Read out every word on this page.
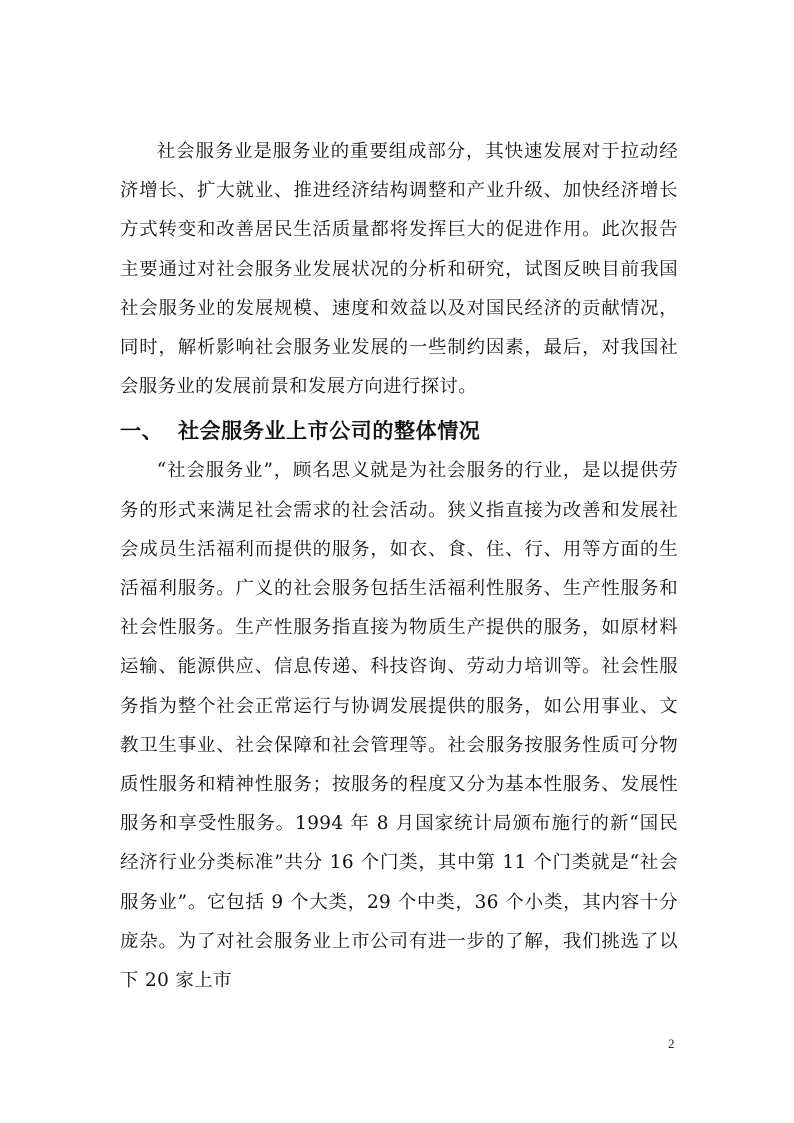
社会服务业是服务业的重要组成部分，其快速发展对于拉动经济增长、扩大就业、推进经济结构调整和产业升级、加快经济增长方式转变和改善居民生活质量都将发挥巨大的促进作用。此次报告主要通过对社会服务业发展状况的分析和研究，试图反映目前我国社会服务业的发展规模、速度和效益以及对国民经济的贡献情况，同时，解析影响社会服务业发展的一些制约因素，最后，对我国社会服务业的发展前景和发展方向进行探讨。

一、 社会服务业上市公司的整体情况

“社会服务业”，顾名思义就是为社会服务的行业，是以提供劳务的形式来满足社会需求的社会活动。狭义指直接为改善和发展社会成员生活福利而提供的服务，如衣、食、住、行、用等方面的生活福利服务。广义的社会服务包括生活福利性服务、生产性服务和社会性服务。生产性服务指直接为物质生产提供的服务，如原材料运输、能源供应、信息传递、科技咨询、劳动力培训等。社会性服务指为整个社会正常运行与协调发展提供的服务，如公用事业、文教卫生事业、社会保障和社会管理等。社会服务按服务性质可分物质性服务和精神性服务；按服务的程度又分为基本性服务、发展性服务和享受性服务。1994 年 8 月国家统计局颁布施行的新“国民经济行业分类标准”共分 16 个门类，其中第 11 个门类就是“社会服务业”。它包括 9 个大类，29 个中类，36 个小类，其内容十分庞杂。为了对社会服务业上市公司有进一步的了解，我们挑选了以下 20 家上市

2
